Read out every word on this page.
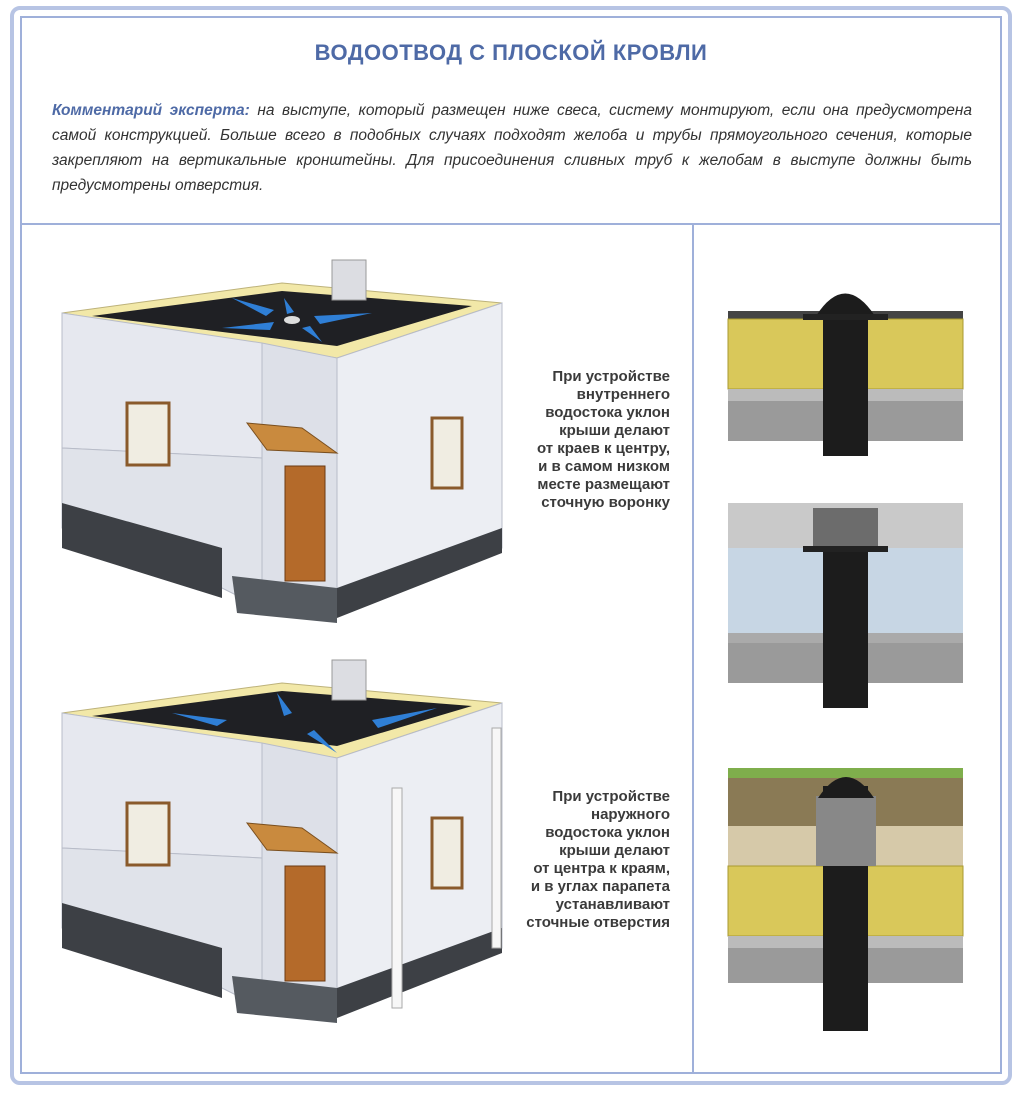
ВОДООТВОД С ПЛОСКОЙ КРОВЛИ
Комментарий эксперта: на выступе, который размещен ниже свеса, систему монтируют, если она предусмотрена самой конструкцией. Больше всего в подобных случаях подходят желоба и трубы прямоугольного сечения, которые закрепляют на вертикальные кронштейны. Для присоединения сливных труб к желобам в выступе должны быть предусмотрены отверстия.
При устройстве
внутреннего
водостока уклон
крыши делают
от краев к центру,
и в самом низком
месте размещают
сточную воронку
При устройстве
наружного
водостока уклон
крыши делают
от центра к краям,
и в углах парапета
устанавливают
сточные отверстия
